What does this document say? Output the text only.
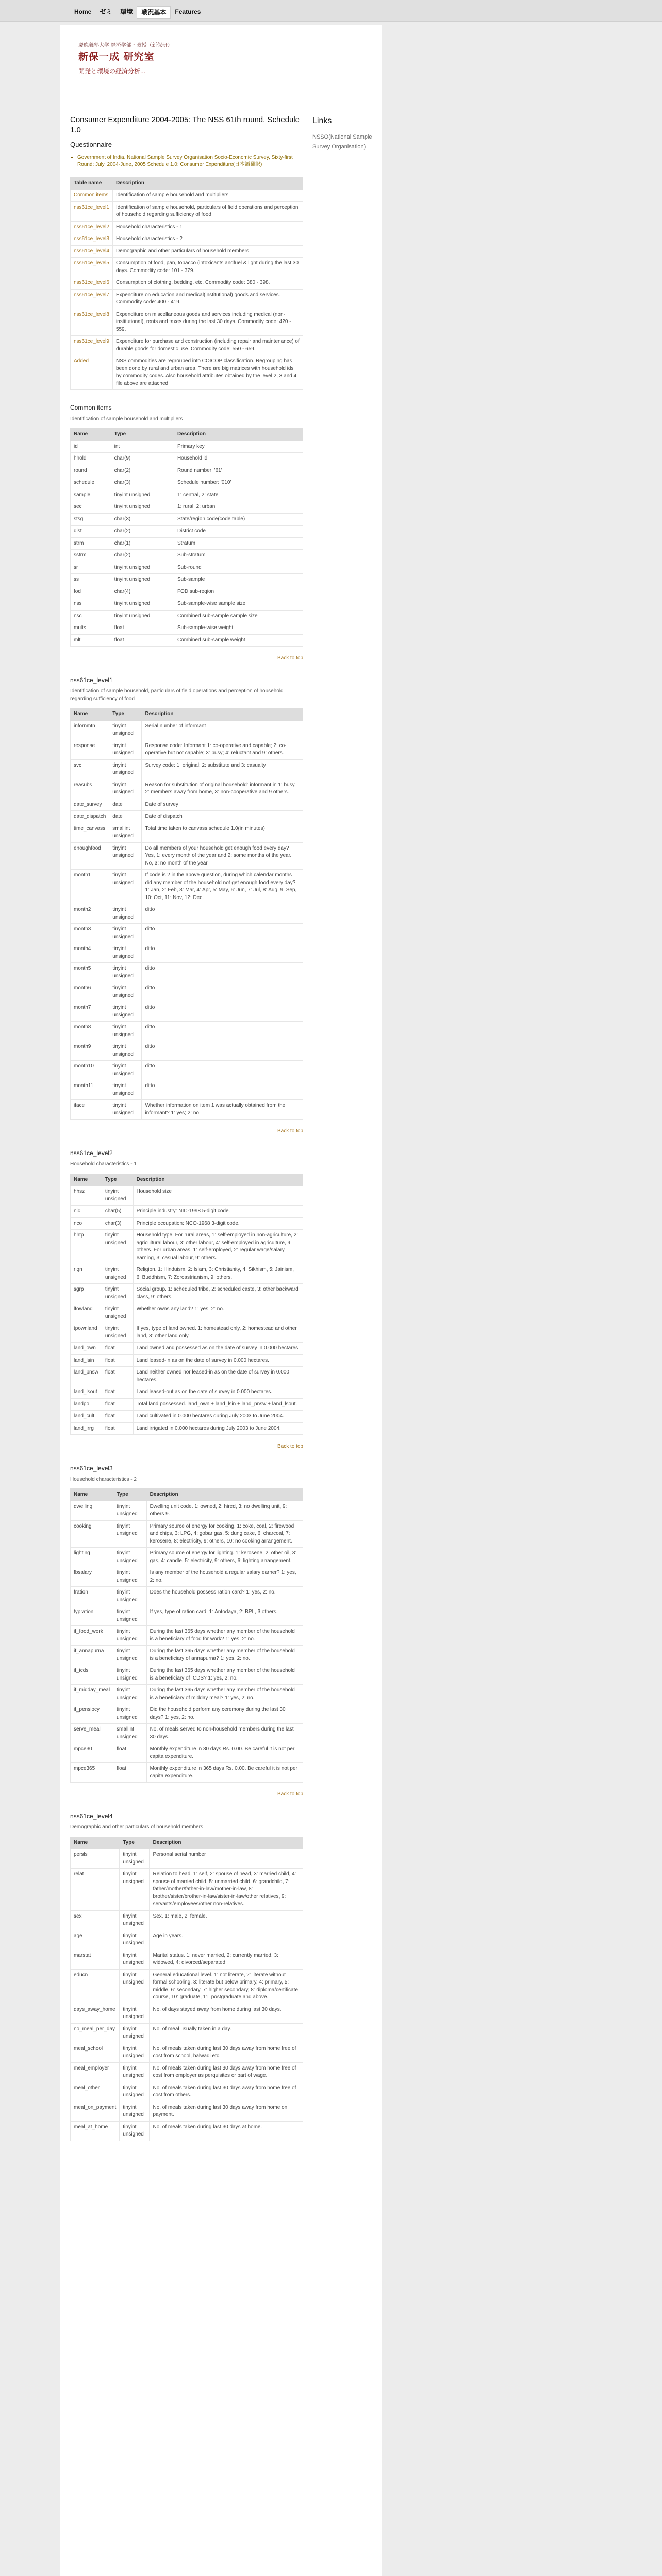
Home	ゼミ	環境	戦況基本	Features
慶應義塾大学 経済学部・教授（新保研）
新保一成 研究室
開発と環境の経済分析...
Consumer Expenditure 2004-2005: The NSS 61th round, Schedule 1.0
Questionnaire
• Government of India. National Sample Survey Organisation Socio-Economic Survey, Sixty-first Round: July, 2004-June, 2005 Schedule 1.0: Consumer Expenditure(日本語翻訳)
Table name	Description
Common items	Identification of sample household and multipliers
nss61ce_level1	Identification of sample household, particulars of field operations and perception of household regarding sufficiency of food
nss61ce_level2	Household characteristics - 1
nss61ce_level3	Household characteristics - 2
nss61ce_level4	Demographic and other particulars of household members
nss61ce_level5	Consumption of food, pan, tobacco (intoxicants andfuel & light during the last 30 days. Commodity code: 101 - 379.
nss61ce_level6	Consumption of clothing, bedding, etc. Commodity code: 380 - 398.
nss61ce_level7	Expenditure on education and medical(institutional) goods and services. Commodity code: 400 - 419.
nss61ce_level8	Expenditure on miscellaneous goods and services including medical (non-institutional), rents and taxes during the last 30 days. Commodity code: 420 - 559.
nss61ce_level9	Expenditure for purchase and construction (including repair and maintenance) of durable goods for domestic use. Commodity code: 550 - 659.
Added	NSS commodities are regrouped into COICOP classification. Regrouping has been done by rural and urban area. There are big matrices with household ids by commodity codes. Also household attributes obtained by the level 2, 3 and 4 file above are attached.
Common items

Identification of sample household and multipliers

Name	Type	Description
id	int	Primary key
hhold	char(9)	Household id
round	char(2)	Round number: '61'
schedule	char(3)	Schedule number: '010'
sample	tinyint unsigned	1: central, 2: state
sec	tinyint unsigned	1: rural, 2: urban
stsg	char(3)	State/region code(code table)
dist	char(2)	District code
strm	char(1)	Stratum
sstrm	char(2)	Sub-stratum
sr	tinyint unsigned	Sub-round
ss	tinyint unsigned	Sub-sample
fod	char(4)	FOD sub-region
nss	tinyint unsigned	Sub-sample-wise sample size
nsc	tinyint unsigned	Combined sub-sample sample size
mults	float	Sub-sample-wise weight
mlt	float	Combined sub-sample weight
Back to top
nss61ce_level1

Identification of sample household, particulars of field operations and perception of household regarding sufficiency of food

Name	Type	Description
infornmtn	tinyint unsigned	Serial number of informant
response	tinyint unsigned	Response code: Informant 1: co-operative and capable; 2: co-operative but not capable; 3: busy; 4: reluctant and 9: others.
svc	tinyint unsigned	Survey code: 1: original; 2: substitute and 3: casualty
reasubs	tinyint unsigned	Reason for substitution of original household: informant in 1: busy, 2: members away from home, 3: non-cooperative and 9 others.
date_survey	date	Date of survey
date_dispatch	date	Date of dispatch
time_canvass	smallint unsigned	Total time taken to canvass schedule 1.0(in minutes)
enoughfood	tinyint unsigned	Do all members of your household get enough food every day? Yes, 1: every month of the year and 2: some months of the year. No, 3: no month of the year.
month1	tinyint unsigned	If code is 2 in the above question, during which calendar months did any member of the household not get enough food every day? 1: Jan, 2: Feb, 3: Mar, 4: Apr, 5: May, 6: Jun, 7: Jul, 8: Aug, 9: Sep, 10: Oct, 11: Nov, 12: Dec.
month2	tinyint unsigned	ditto
month3	tinyint unsigned	ditto
month4	tinyint unsigned	ditto
month5	tinyint unsigned	ditto
month6	tinyint unsigned	ditto
month7	tinyint unsigned	ditto
month8	tinyint unsigned	ditto
month9	tinyint unsigned	ditto
month10	tinyint unsigned	ditto
month11	tinyint unsigned	ditto
iface	tinyint unsigned	Whether information on item 1 was actually obtained from the informant? 1: yes; 2: no.
Back to top
nss61ce_level2

Household characteristics - 1

Name	Type	Description
hhsz	tinyint unsigned	Household size
nic	char(5)	Principle industry: NIC-1998 5-digit code.
nco	char(3)	Principle occupation: NCO-1968 3-digit code.
hhtp	tinyint unsigned	Household type. For rural areas, 1: self-employed in non-agriculture, 2: agricultural labour, 3: other labour, 4: self-employed in agriculture, 9: others. For urban areas, 1: self-employed, 2: regular wage/salary earning, 3: casual labour, 9: others.
rlgn	tinyint unsigned	Religion. 1: Hinduism, 2: Islam, 3: Christianity, 4: Sikhism, 5: Jainism, 6: Buddhism, 7: Zoroastrianism, 9: others.
sgrp	tinyint unsigned	Social group. 1: scheduled tribe, 2: scheduled caste, 3: other backward class, 9: others.
lfowland	tinyint unsigned	Whether owns any land? 1: yes, 2: no.
tpownland	tinyint unsigned	If yes, type of land owned. 1: homestead only, 2: homestead and other land, 3: other land only.
land_own	float	Land owned and possessed as on the date of survey in 0.000 hectares.
land_lsin	float	Land leased-in as on the date of survey in 0.000 hectares.
land_pnsw	float	Land neither owned nor leased-in as on the date of survey in 0.000 hectares.
land_lsout	float	Land leased-out as on the date of survey in 0.000 hectares.
landpo	float	Total land possessed. land_own + land_lsin + land_pnsw + land_lsout.
land_cult	float	Land cultivated in 0.000 hectares during July 2003 to June 2004.
land_irrg	float	Land irrigated in 0.000 hectares during July 2003 to June 2004.
Back to top
nss61ce_level3

Household characteristics - 2

Name	Type	Description
dwelling	tinyint unsigned	Dwelling unit code. 1: owned, 2: hired, 3: no dwelling unit, 9: others 9.
cooking	tinyint unsigned	Primary source of energy for cooking. 1: coke, coal, 2: firewood and chips, 3: LPG, 4: gobar gas, 5: dung cake, 6: charcoal, 7: kerosene, 8: electricity, 9: others, 10: no cooking arrangement.
lighting	tinyint unsigned	Primary source of energy for lighting. 1: kerosene, 2: other oil, 3: gas, 4: candle, 5: electricity, 9: others, 6: lighting arrangement.
fbsalary	tinyint unsigned	Is any member of the household a regular salary earner? 1: yes, 2: no.
fration	tinyint unsigned	Does the household possess ration card? 1: yes, 2: no.
typration	tinyint unsigned	If yes, type of ration card. 1: Antodaya, 2: BPL, 3:others.
if_food_work	tinyint unsigned	During the last 365 days whether any member of the household is a beneficiary of food for work? 1: yes, 2: no.
if_annapurna	tinyint unsigned	During the last 365 days whether any member of the household is a beneficiary of annapurna? 1: yes, 2: no.
if_icds	tinyint unsigned	During the last 365 days whether any member of the household is a beneficiary of ICDS? 1: yes, 2: no.
if_midday_meal	tinyint unsigned	During the last 365 days whether any member of the household is a beneficiary of midday meal? 1: yes, 2: no.
if_pensiocy	tinyint unsigned	Did the household perform any ceremony during the last 30 days? 1: yes, 2: no.
serve_meal	smallint unsigned	No. of meals served to non-household members during the last 30 days.
mpce30	float	Monthly expenditure in 30 days Rs. 0.00. Be careful it is not per capita expenditure.
mpce365	float	Monthly expenditure in 365 days Rs. 0.00. Be careful it is not per capita expenditure.
Back to top
nss61ce_level4

Demographic and other particulars of household members

Name	Type	Description
persls	tinyint unsigned	Personal serial number
relat	tinyint unsigned	Relation to head. 1: self, 2: spouse of head, 3: married child, 4: spouse of married child, 5: unmarried child, 6: grandchild, 7: father/mother/father-in-law/mother-in-law, 8: brother/sister/brother-in-law/sister-in-law/other relatives, 9: servants/employees/other non-relatives.
sex	tinyint unsigned	Sex. 1: male, 2: female.
age	tinyint unsigned	Age in years.
marstat	tinyint unsigned	Marital status. 1: never married, 2: currently married, 3: widowed, 4: divorced/separated.
educn	tinyint unsigned	General educational level. 1: not literate, 2: literate without formal schooling, 3: literate but below primary, 4: primary, 5: middle, 6: secondary, 7: higher secondary, 8: diploma/certificate course, 10: graduate, 11: postgraduate and above.
days_away_home	tinyint unsigned	No. of days stayed away from home during last 30 days.
no_meal_per_day	tinyint unsigned	No. of meal usually taken in a day.
meal_school	tinyint unsigned	No. of meals taken during last 30 days away from home free of cost from school, balwadi etc.
meal_employer	tinyint unsigned	No. of meals taken during last 30 days away from home free of cost from employer as perquisites or part of wage.
meal_other	tinyint unsigned	No. of meals taken during last 30 days away from home free of cost from others.
meal_on_payment	tinyint unsigned	No. of meals taken during last 30 days away from home on payment.
meal_at_home	tinyint unsigned	No. of meals taken during last 30 days at home.
Links
NSSO(National Sample Survey Organisation)
